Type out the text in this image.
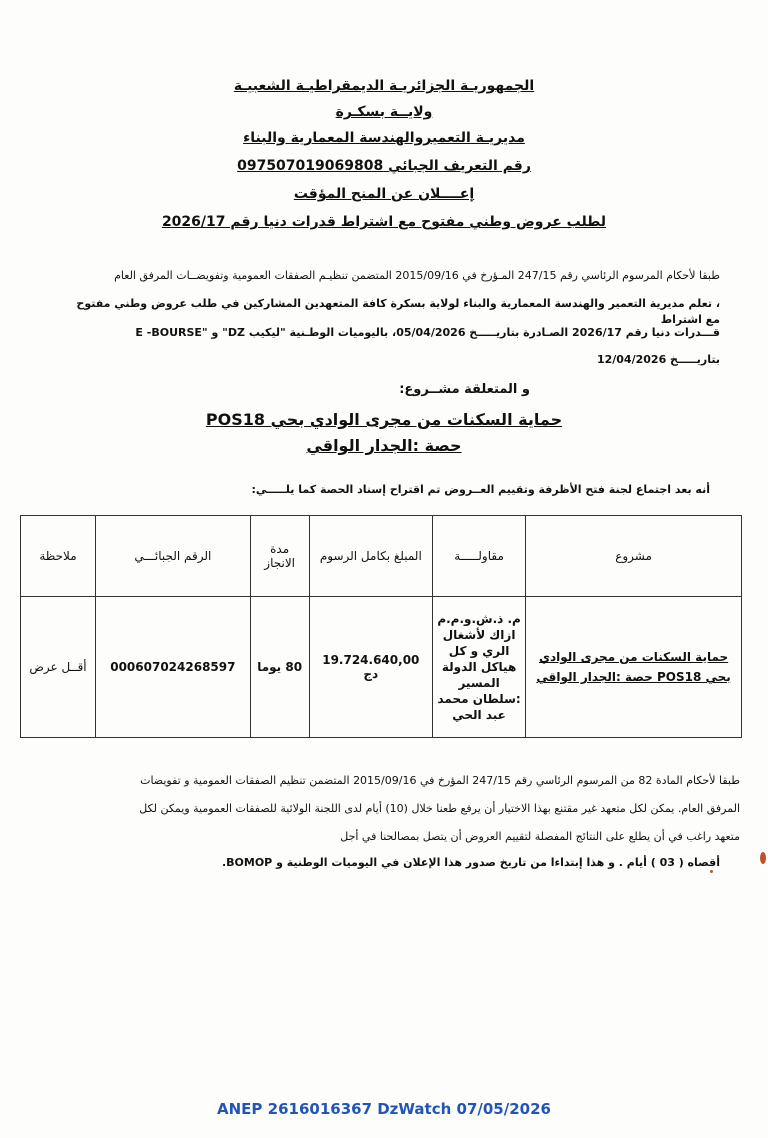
الجمهوريـة الجزائريـة الديمقراطيـة الشعبيـة
ولايــة بسكـرة
مديريـة التعميروالهندسة المعمارية والبناء
رقم التعريف الجبائي 097507019069808
إعــــلان عن المنح المؤقت
لطلب عروض وطني مفتوح مع اشتراط قدرات دنيا رقم 2026/17
طبقا لأحكام المرسوم الرئاسي رقم 247/15 المـؤرخ في 2015/09/16 المتضمن تنظيـم الصفقات العمومية وتفويضــات المرفق العام
، تعلم مديرية التعمير والهندسة المعمارية والبناء لولاية بسكرة كافة المتعهدين المشاركين في طلب عروض وطني مفتوح مع اشتراط
قـــدرات دنيا رقم 2026/17 الصـادرة بتاريـــــخ 05/04/2026، باليوميات الوطـنية "ليكيب DZ" و "E -BOURSE
بتاريـــــخ 12/04/2026
و المتعلقة مشــروع:
حماية السكنات من مجرى الوادي بحي POS18
حصة :الجدار الواقي
أنه بعد اجتماع لجنة فتح الأظرفة وتقييم العــروض تم اقتراح إسناد الحصة كما يلـــــي:
مشروع	مقاولـــــة	المبلغ بكامل الرسوم	مدة الانجاز	الرقم الجبائـــي	ملاحظة
حماية السكنات من مجرى الوادي بحي POS18 حصة :الجدار الواقي	م. ذ.ش.و.م.م ازاك لأشغال الري و كل هياكل الدولة المسير :سلطان محمد عبد الحي	19.724.640,00 دج	80 يوما	000607024268597	أقــل عرض
طبقا لأحكام المادة 82 من المرسوم الرئاسي رقم 247/15 المؤرخ في 2015/09/16 المتضمن تنظيم الصفقات العمومية و تفويضات
المرفق العام. يمكن لكل متعهد غير مقتنع بهذا الاختيار أن يرفع طعنا خلال (10) أيام لدى اللجنة الولائية للصفقات العمومية ويمكن لكل
متعهد راغب في أن يطلع على النتائج المفصلة لتقييم العروض أن يتصل بمصالحنا في أجل
أقصاه ( 03 ) أيام . و هذا إبتداءا من تاريخ صدور هذا الإعلان في اليوميات الوطنية و BOMOP.
ANEP 2616016367 DzWatch 07/05/2026
